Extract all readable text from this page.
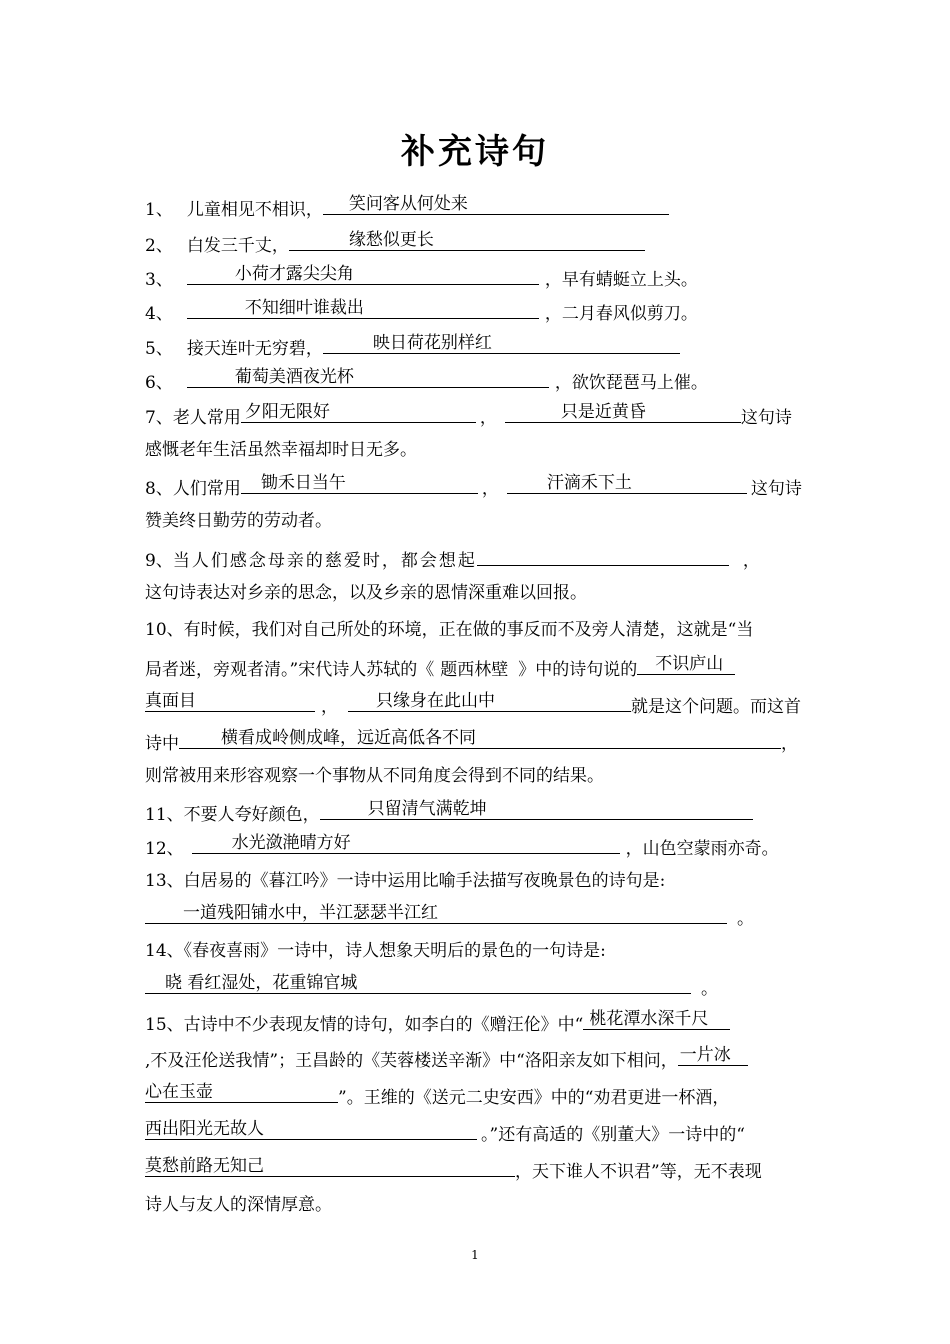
补充诗句
1、 儿童相见不相识， 笑问客从何处来
2、 白发三千丈，	缘愁似更长
3、	小荷才露尖尖角	，早有蜻蜓立上头。
4、	不知细叶谁裁出	，二月春风似剪刀。
5、 接天连叶无穷碧，	映日荷花别样红
6、	葡萄美酒夜光杯	，欲饮琵琶马上催。
7、老人常用 夕阳无限好	，	只是近黄昏	这句诗
感慨老年生活虽然幸福却时日无多。
8、人们常用 锄禾日当午	，	汗滴禾下土	这句诗
赞美终日勤劳的劳动者。
9、当人们感念母亲的慈爱时，都会想起	，
这句诗表达对乡亲的思念，以及乡亲的恩情深重难以回报。
10、有时候，我们对自己所处的环境，正在做的事反而不及旁人清楚，这就是“当
局者迷，旁观者清。”宋代诗人苏轼的《 题西林壁 》中的诗句说的 不识庐山
真面目	， 只缘身在此山中	就是这个问题。而这首
诗中 横看成岭侧成峰，远近高低各不同	，
则常被用来形容观察一个事物从不同角度会得到不同的结果。
11、不要人夸好颜色，	只留清气满乾坤
12、	水光潋滟晴方好	，山色空蒙雨亦奇。
13、白居易的《暮江吟》一诗中运用比喻手法描写夜晚景色的诗句是:
一道残阳铺水中，半江瑟瑟半江红	。
14、《春夜喜雨》一诗中，诗人想象天明后的景色的一句诗是:
晓 看红湿处，花重锦官城	。
15、古诗中不少表现友情的诗句，如李白的《赠汪伦》中“ 桃花潭水深千尺
,不及汪伦送我情”；王昌龄的《芙蓉楼送辛渐》中“洛阳亲友如下相问， 一片冰
心在玉壶	”。王维的《送元二史安西》中的“劝君更进一杯酒，
西出阳光无故人	。”还有高适的《别董大》一诗中的“
莫愁前路无知己	，天下谁人不识君”等，无不表现
诗人与友人的深情厚意。
1
